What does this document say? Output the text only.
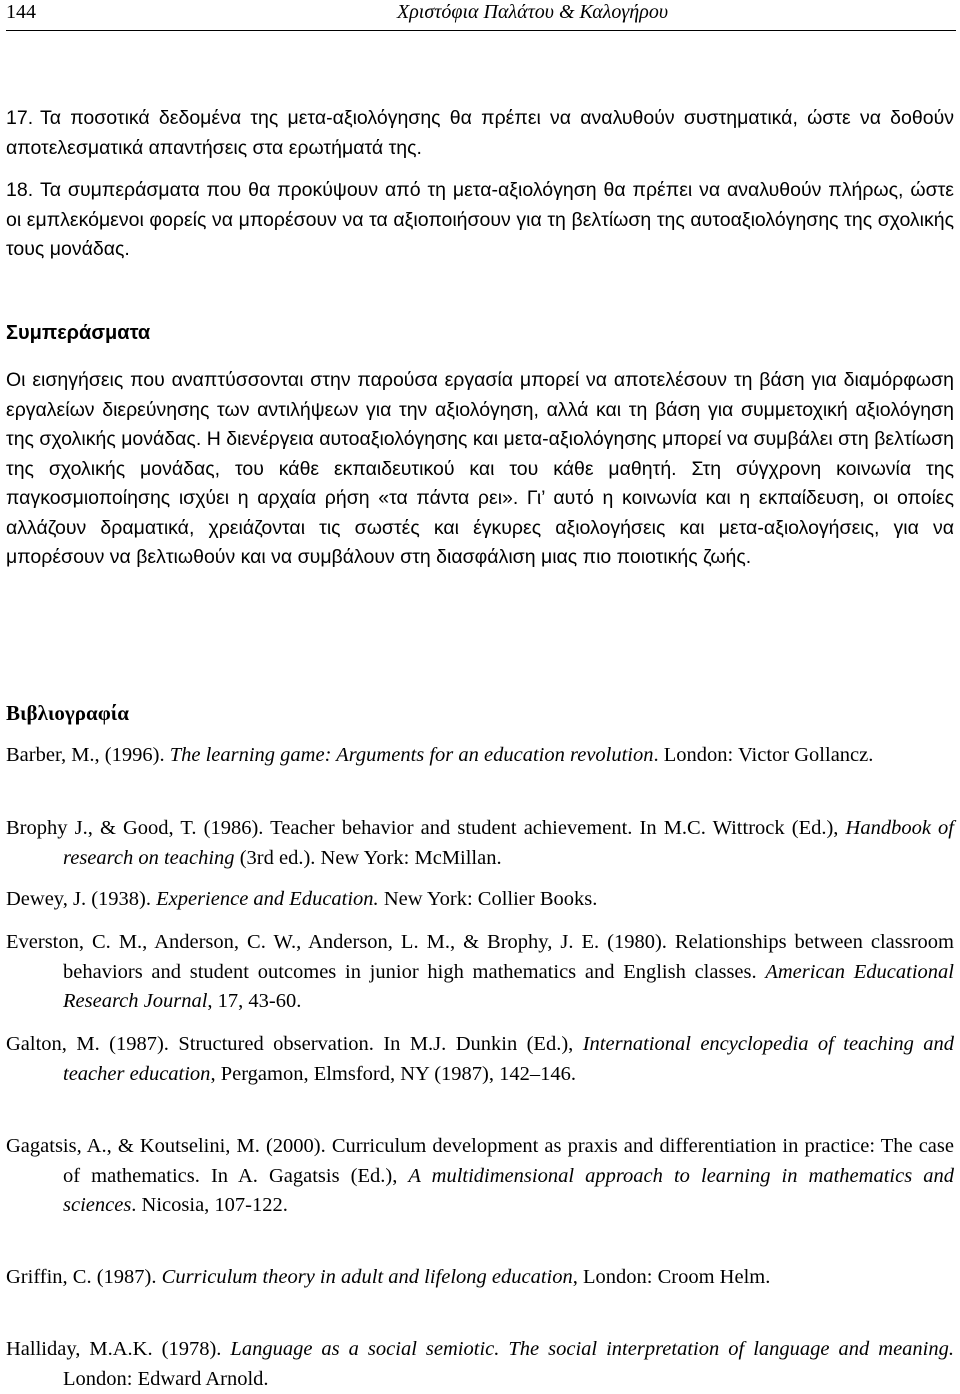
144	Χριστόφια Παλάτου & Καλογήρου
17. Τα ποσοτικά δεδομένα της μετα-αξιολόγησης θα πρέπει να αναλυθούν συστηματικά, ώστε να δοθούν αποτελεσματικά απαντήσεις στα ερωτήματά της.
18. Τα συμπεράσματα που θα προκύψουν από τη μετα-αξιολόγηση θα πρέπει να αναλυθούν πλήρως, ώστε οι εμπλεκόμενοι φορείς να μπορέσουν να τα αξιοποιήσουν για τη βελτίωση της αυτοαξιολόγησης της σχολικής τους μονάδας.
Συμπεράσματα
Οι εισηγήσεις που αναπτύσσονται στην παρούσα εργασία μπορεί να αποτελέσουν τη βάση για διαμόρφωση εργαλείων διερεύνησης των αντιλήψεων για την αξιολόγηση, αλλά και τη βάση για συμμετοχική αξιολόγηση της σχολικής μονάδας. Η διενέργεια αυτοαξιολόγησης και μετα-αξιολόγησης μπορεί να συμβάλει στη βελτίωση της σχολικής μονάδας, του κάθε εκπαιδευτικού και του κάθε μαθητή. Στη σύγχρονη κοινωνία της παγκοσμιοποίησης ισχύει η αρχαία ρήση «τα πάντα ρει». Γι’ αυτό η κοινωνία και η εκπαίδευση, οι οποίες αλλάζουν δραματικά, χρειάζονται τις σωστές και έγκυρες αξιολογήσεις και μετα-αξιολογήσεις, για να μπορέσουν να βελτιωθούν και να συμβάλουν στη διασφάλιση μιας πιο ποιοτικής ζωής.
Βιβλιογραφία
Barber, M., (1996). The learning game: Arguments for an education revolution. London: Victor Gollancz.
Brophy J., & Good, T. (1986). Teacher behavior and student achievement. In M.C. Wittrock (Ed.), Handbook of research on teaching (3rd ed.). New York: McMillan.
Dewey, J. (1938). Experience and Education. New York: Collier Books.
Everston, C. M., Anderson, C. W., Anderson, L. M., & Brophy, J. E. (1980). Relationships between classroom behaviors and student outcomes in junior high mathematics and English classes. American Educational Research Journal, 17, 43-60.
Galton, M. (1987). Structured observation. In M.J. Dunkin (Ed.), International encyclopedia of teaching and teacher education, Pergamon, Elmsford, NY (1987), 142–146.
Gagatsis, A., & Koutselini, M. (2000). Curriculum development as praxis and differentiation in practice: The case of mathematics. In A. Gagatsis (Ed.), A multidimensional approach to learning in mathematics and sciences. Nicosia, 107-122.
Griffin, C. (1987). Curriculum theory in adult and lifelong education, London: Croom Helm.
Halliday, M.A.K. (1978). Language as a social semiotic. The social interpretation of language and meaning. London: Edward Arnold.
